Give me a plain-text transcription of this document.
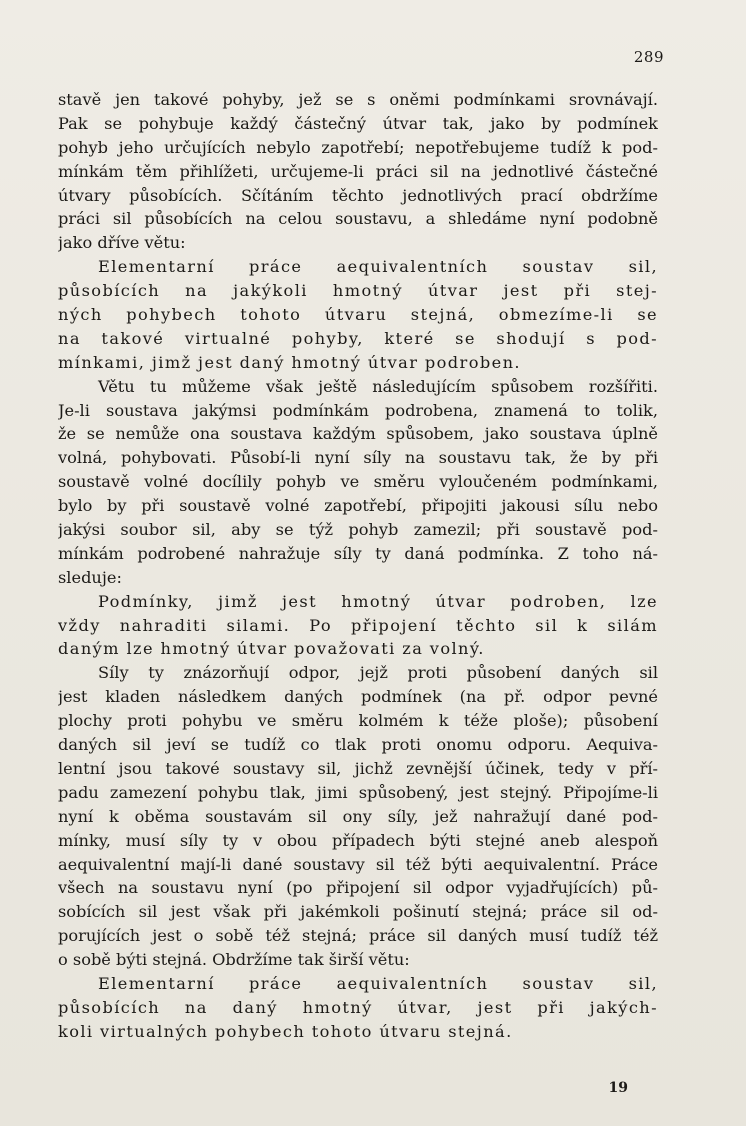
289
stavě jen takové pohyby, jež se s oněmi podmínkami srovnávají.
Pak se pohybuje každý částečný útvar tak, jako by podmínek
pohyb jeho určujících nebylo zapotřebí; nepotřebujeme tudíž k pod-
mínkám těm přihlížeti, určujeme-li práci sil na jednotlivé částečné
útvary působících. Sčítáním těchto jednotlivých prací obdržíme
práci sil působících na celou soustavu, a shledáme nyní podobně
jako dříve větu:
Elementarní práce aequivalentních soustav sil,
působících na jakýkoli hmotný útvar jest při stej-
ných pohybech tohoto útvaru stejná, obmezíme-li se
na takové virtualné pohyby, které se shodují s pod-
mínkami, jimž jest daný hmotný útvar podroben.
Větu tu můžeme však ještě následujícím spůsobem rozšířiti.
Je-li soustava jakýmsi podmínkám podrobena, znamená to tolik,
že se nemůže ona soustava každým spůsobem, jako soustava úplně
volná, pohybovati. Působí-li nyní síly na soustavu tak, že by při
soustavě volné docílily pohyb ve směru vyloučeném podmínkami,
bylo by při soustavě volné zapotřebí, připojiti jakousi sílu nebo
jakýsi soubor sil, aby se týž pohyb zamezil; při soustavě pod-
mínkám podrobené nahražuje síly ty daná podmínka. Z toho ná-
sleduje:
Podmínky, jimž jest hmotný útvar podroben, lze
vždy nahraditi silami. Po připojení těchto sil k silám
daným lze hmotný útvar považovati za volný.
Síly ty znázorňují odpor, jejž proti působení daných sil
jest kladen následkem daných podmínek (na př. odpor pevné
plochy proti pohybu ve směru kolmém k téže ploše); působení
daných sil jeví se tudíž co tlak proti onomu odporu. Aequiva-
lentní jsou takové soustavy sil, jichž zevnější účinek, tedy v pří-
padu zamezení pohybu tlak, jimi spůsobený, jest stejný. Připojíme-li
nyní k oběma soustavám sil ony síly, jež nahražují dané pod-
mínky, musí síly ty v obou případech býti stejné aneb alespoň
aequivalentní mají-li dané soustavy sil též býti aequivalentní. Práce
všech na soustavu nyní (po připojení sil odpor vyjadřujících) pů-
sobících sil jest však při jakémkoli pošinutí stejná; práce sil od-
porujících jest o sobě též stejná; práce sil daných musí tudíž též
o sobě býti stejná. Obdržíme tak širší větu:
Elementarní práce aequivalentních soustav sil,
působících na daný hmotný útvar, jest při jakých-
koli virtualných pohybech tohoto útvaru stejná.
19
